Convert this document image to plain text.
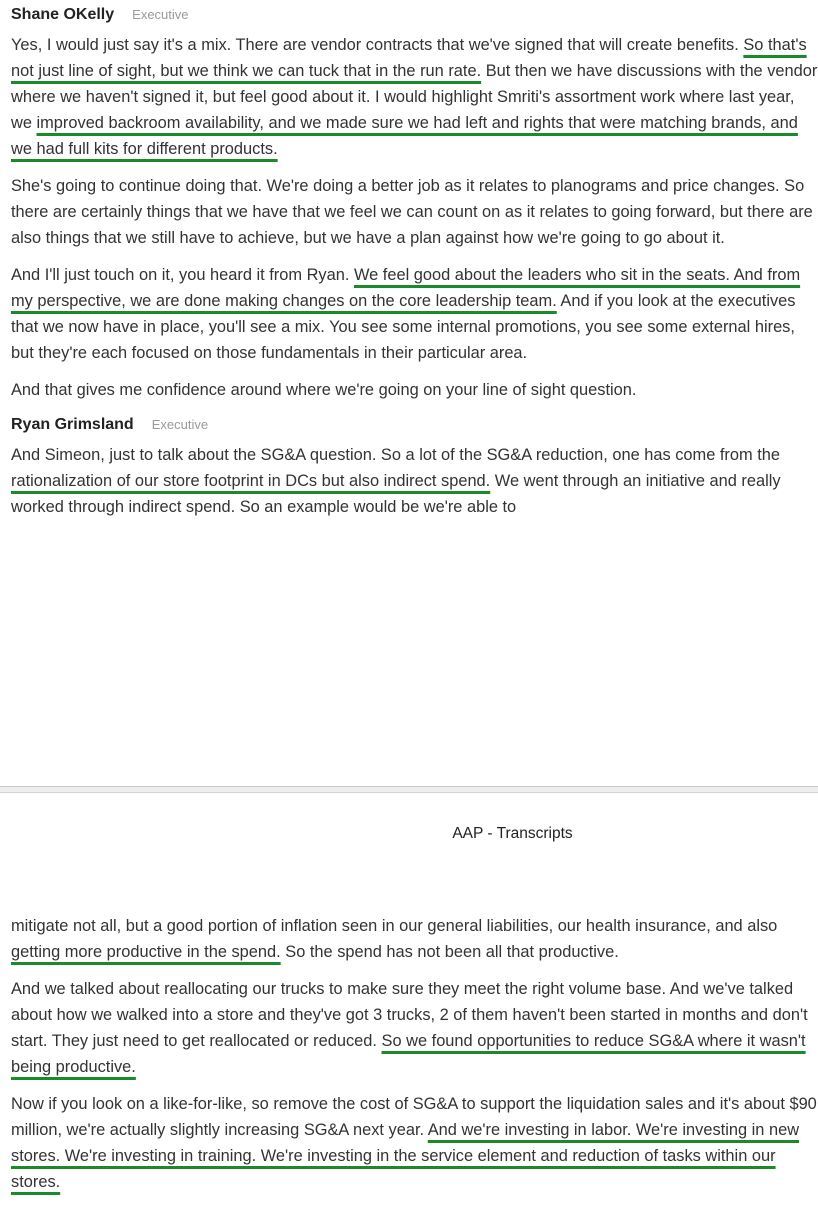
Shane OKelly Executive

Yes, I would just say it's a mix. There are vendor contracts that we've signed that will create benefits. So that's not just line of sight, but we think we can tuck that in the run rate. But then we have discussions with the vendor where we haven't signed it, but feel good about it. I would highlight Smriti's assortment work where last year, we improved backroom availability, and we made sure we had left and rights that were matching brands, and we had full kits for different products.

She's going to continue doing that. We're doing a better job as it relates to planograms and price changes. So there are certainly things that we have that we feel we can count on as it relates to going forward, but there are also things that we still have to achieve, but we have a plan against how we're going to go about it.

And I'll just touch on it, you heard it from Ryan. We feel good about the leaders who sit in the seats. And from my perspective, we are done making changes on the core leadership team. And if you look at the executives that we now have in place, you'll see a mix. You see some internal promotions, you see some external hires, but they're each focused on those fundamentals in their particular area.

And that gives me confidence around where we're going on your line of sight question.

Ryan Grimsland Executive

And Simeon, just to talk about the SG&A question. So a lot of the SG&A reduction, one has come from the rationalization of our store footprint in DCs but also indirect spend. We went through an initiative and really worked through indirect spend. So an example would be we're able to

AAP - Transcripts

mitigate not all, but a good portion of inflation seen in our general liabilities, our health insurance, and also getting more productive in the spend. So the spend has not been all that productive.

And we talked about reallocating our trucks to make sure they meet the right volume base. And we've talked about how we walked into a store and they've got 3 trucks, 2 of them haven't been started in months and don't start. They just need to get reallocated or reduced. So we found opportunities to reduce SG&A where it wasn't being productive.

Now if you look on a like-for-like, so remove the cost of SG&A to support the liquidation sales and it's about $90 million, we're actually slightly increasing SG&A next year. And we're investing in labor. We're investing in new stores. We're investing in training. We're investing in the service element and reduction of tasks within our stores.
